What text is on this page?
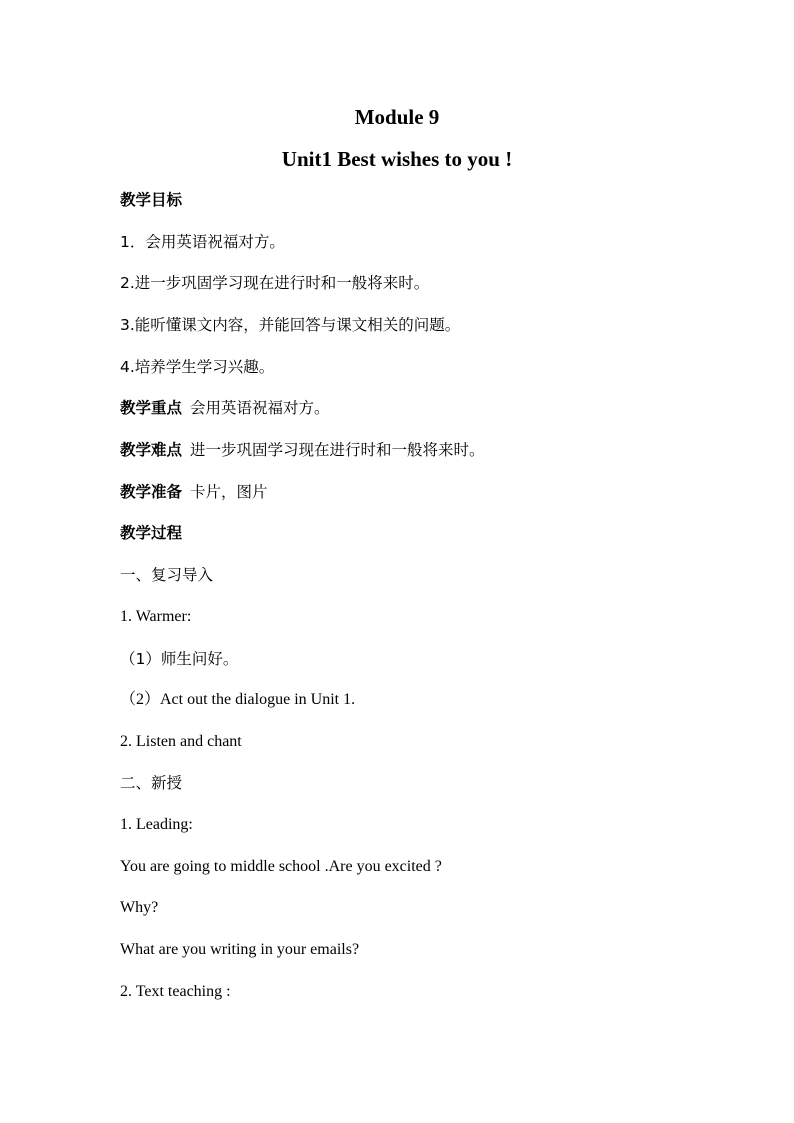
Module 9
Unit1 Best wishes to you !
教学目标
1．会用英语祝福对方。
2.进一步巩固学习现在进行时和一般将来时。
3.能听懂课文内容，并能回答与课文相关的问题。
4.培养学生学习兴趣。
教学重点 会用英语祝福对方。
教学难点 进一步巩固学习现在进行时和一般将来时。
教学准备 卡片，图片
教学过程
一、复习导入
1. Warmer:
（1）师生问好。
（2）Act out the dialogue in Unit 1.
2. Listen and chant
二、新授
1. Leading:
You are going to middle school .Are you excited ?
Why?
What are you writing in your emails?
2. Text teaching :
